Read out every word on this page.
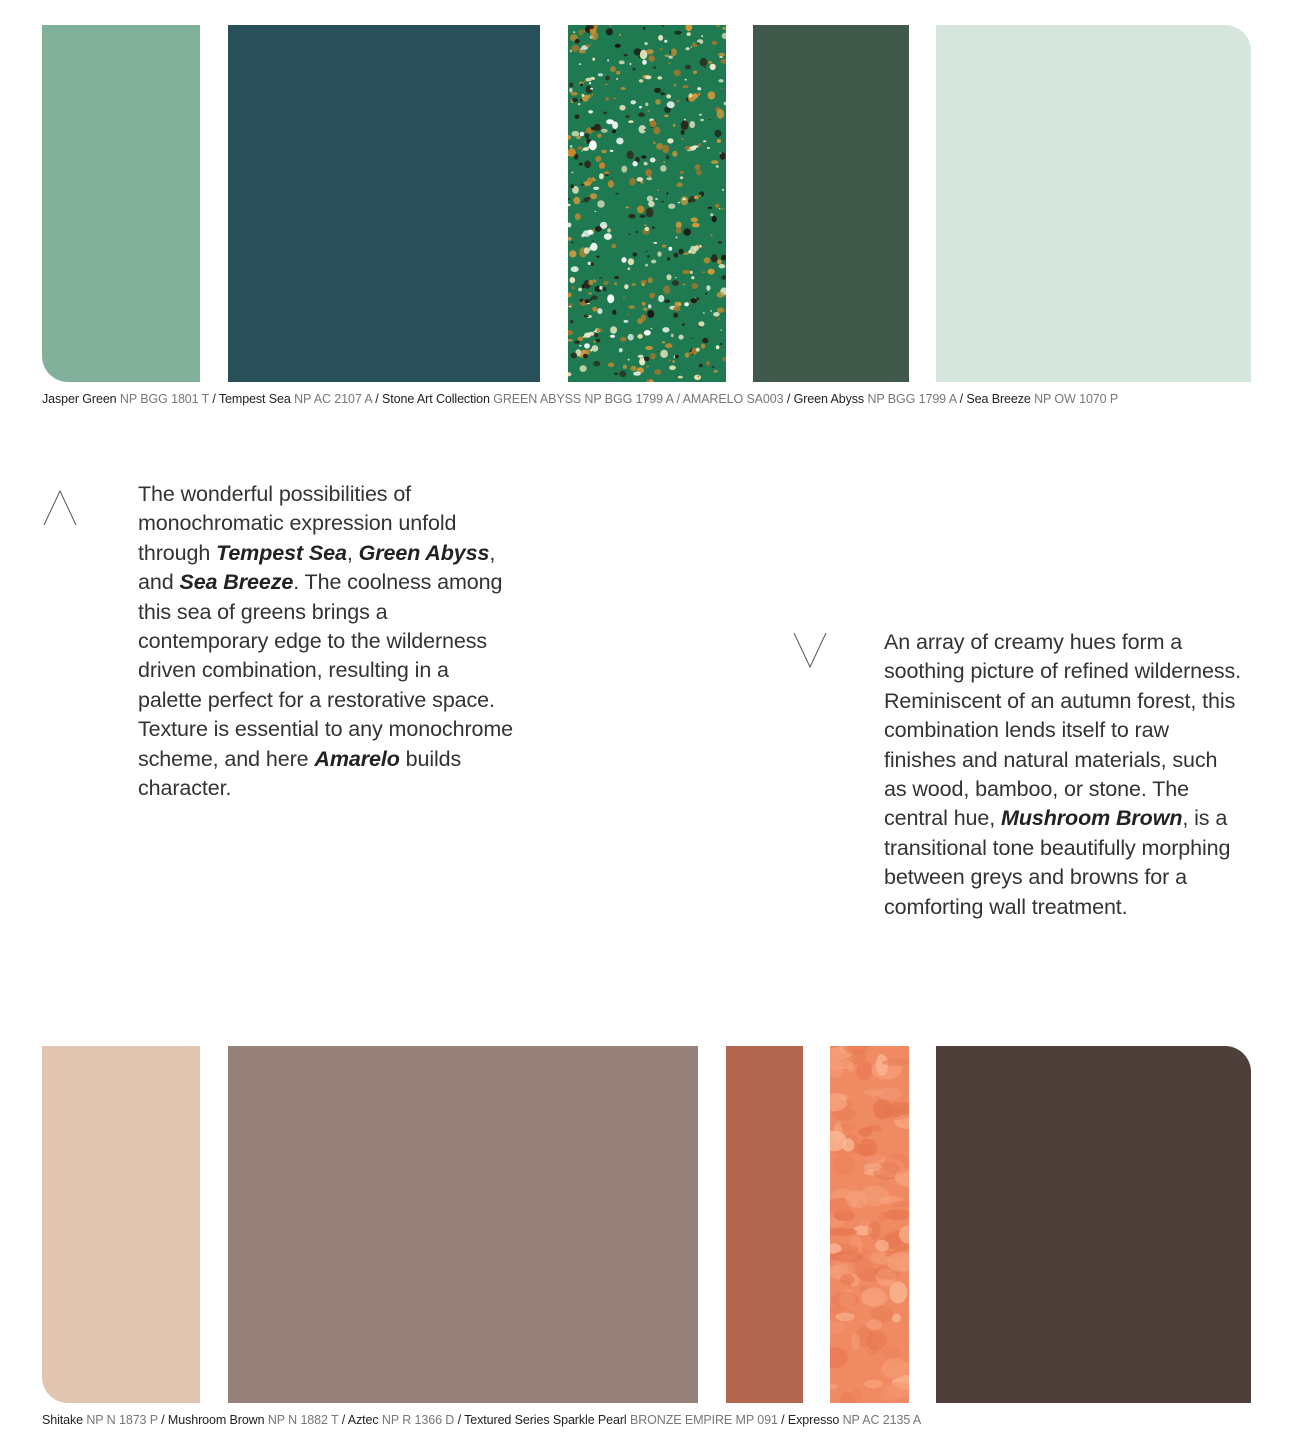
Jasper Green NP BGG 1801 T / Tempest Sea NP AC 2107 A / Stone Art Collection GREEN ABYSS NP BGG 1799 A / AMARELO SA003 / Green Abyss NP BGG 1799 A / Sea Breeze NP OW 1070 P
The wonderful possibilities of monochromatic expression unfold through Tempest Sea, Green Abyss, and Sea Breeze. The coolness among this sea of greens brings a contemporary edge to the wilderness driven combination, resulting in a palette perfect for a restorative space. Texture is essential to any monochrome scheme, and here Amarelo builds character.
An array of creamy hues form a soothing picture of refined wilderness. Reminiscent of an autumn forest, this combination lends itself to raw finishes and natural materials, such as wood, bamboo, or stone. The central hue, Mushroom Brown, is a transitional tone beautifully morphing between greys and browns for a comforting wall treatment.
Shitake NP N 1873 P / Mushroom Brown NP N 1882 T / Aztec NP R 1366 D / Textured Series Sparkle Pearl BRONZE EMPIRE MP 091 / Expresso NP AC 2135 A
